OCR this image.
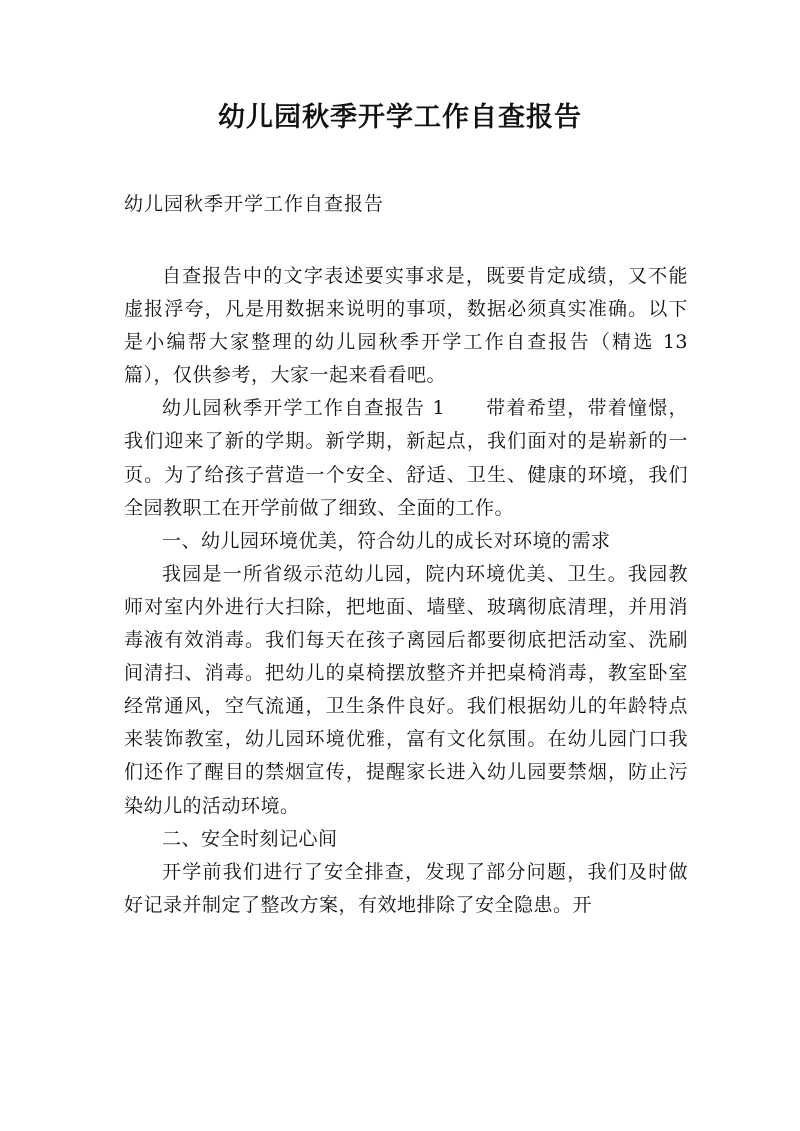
幼儿园秋季开学工作自查报告
幼儿园秋季开学工作自查报告

自查报告中的文字表述要实事求是，既要肯定成绩，又不能虚报浮夸，凡是用数据来说明的事项，数据必须真实准确。以下是小编帮大家整理的幼儿园秋季开学工作自查报告（精选 13 篇），仅供参考，大家一起来看看吧。

幼儿园秋季开学工作自查报告 1　　带着希望，带着憧憬，我们迎来了新的学期。新学期，新起点，我们面对的是崭新的一页。为了给孩子营造一个安全、舒适、卫生、健康的环境，我们全园教职工在开学前做了细致、全面的工作。

一、幼儿园环境优美，符合幼儿的成长对环境的需求

我园是一所省级示范幼儿园，院内环境优美、卫生。我园教师对室内外进行大扫除，把地面、墙壁、玻璃彻底清理，并用消毒液有效消毒。我们每天在孩子离园后都要彻底把活动室、洗刷间清扫、消毒。把幼儿的桌椅摆放整齐并把桌椅消毒，教室卧室经常通风，空气流通，卫生条件良好。我们根据幼儿的年龄特点来装饰教室，幼儿园环境优雅，富有文化氛围。在幼儿园门口我们还作了醒目的禁烟宣传，提醒家长进入幼儿园要禁烟，防止污染幼儿的活动环境。

二、安全时刻记心间

开学前我们进行了安全排查，发现了部分问题，我们及时做好记录并制定了整改方案，有效地排除了安全隐患。开
